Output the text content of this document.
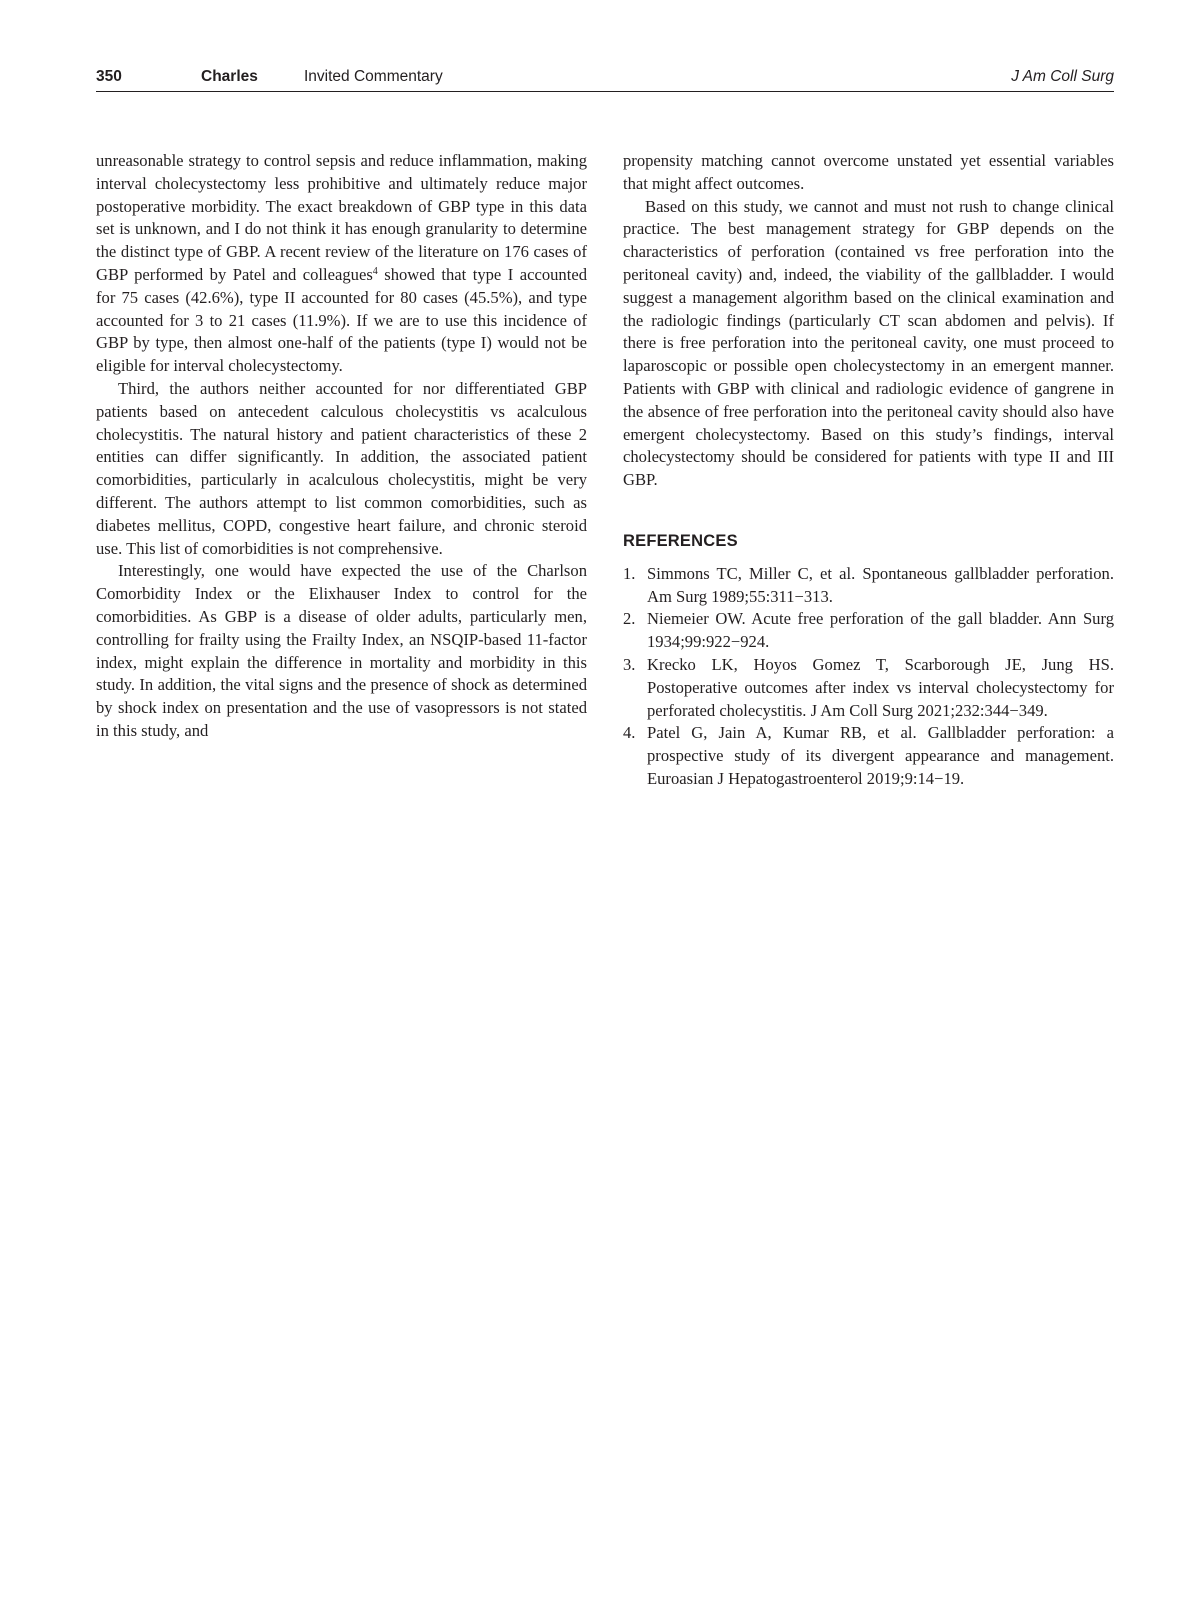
350	Charles	Invited Commentary	J Am Coll Surg

unreasonable strategy to control sepsis and reduce inflammation, making interval cholecystectomy less prohibitive and ultimately reduce major postoperative morbidity. The exact breakdown of GBP type in this data set is unknown, and I do not think it has enough granularity to determine the distinct type of GBP. A recent review of the literature on 176 cases of GBP performed by Patel and colleagues$^4$ showed that type I accounted for 75 cases (42.6%), type II accounted for 80 cases (45.5%), and type accounted for 3 to 21 cases (11.9%). If we are to use this incidence of GBP by type, then almost one-half of the patients (type I) would not be eligible for interval cholecystectomy.

Third, the authors neither accounted for nor differentiated GBP patients based on antecedent calculous cholecystitis vs acalculous cholecystitis. The natural history and patient characteristics of these 2 entities can differ significantly. In addition, the associated patient comorbidities, particularly in acalculous cholecystitis, might be very different. The authors attempt to list common comorbidities, such as diabetes mellitus, COPD, congestive heart failure, and chronic steroid use. This list of comorbidities is not comprehensive.

Interestingly, one would have expected the use of the Charlson Comorbidity Index or the Elixhauser Index to control for the comorbidities. As GBP is a disease of older adults, particularly men, controlling for frailty using the Frailty Index, an NSQIP-based 11-factor index, might explain the difference in mortality and morbidity in this study. In addition, the vital signs and the presence of shock as determined by shock index on presentation and the use of vasopressors is not stated in this study, and

propensity matching cannot overcome unstated yet essential variables that might affect outcomes.

Based on this study, we cannot and must not rush to change clinical practice. The best management strategy for GBP depends on the characteristics of perforation (contained vs free perforation into the peritoneal cavity) and, indeed, the viability of the gallbladder. I would suggest a management algorithm based on the clinical examination and the radiologic findings (particularly CT scan abdomen and pelvis). If there is free perforation into the peritoneal cavity, one must proceed to laparoscopic or possible open cholecystectomy in an emergent manner. Patients with GBP with clinical and radiologic evidence of gangrene in the absence of free perforation into the peritoneal cavity should also have emergent cholecystectomy. Based on this study’s findings, interval cholecystectomy should be considered for patients with type II and III GBP.

REFERENCES
1. Simmons TC, Miller C, et al. Spontaneous gallbladder perforation. Am Surg 1989;55:311−313.
2. Niemeier OW. Acute free perforation of the gall bladder. Ann Surg 1934;99:922−924.
3. Krecko LK, Hoyos Gomez T, Scarborough JE, Jung HS. Postoperative outcomes after index vs interval cholecystectomy for perforated cholecystitis. J Am Coll Surg 2021;232:344−349.
4. Patel G, Jain A, Kumar RB, et al. Gallbladder perforation: a prospective study of its divergent appearance and management. Euroasian J Hepatogastroenterol 2019;9:14−19.
